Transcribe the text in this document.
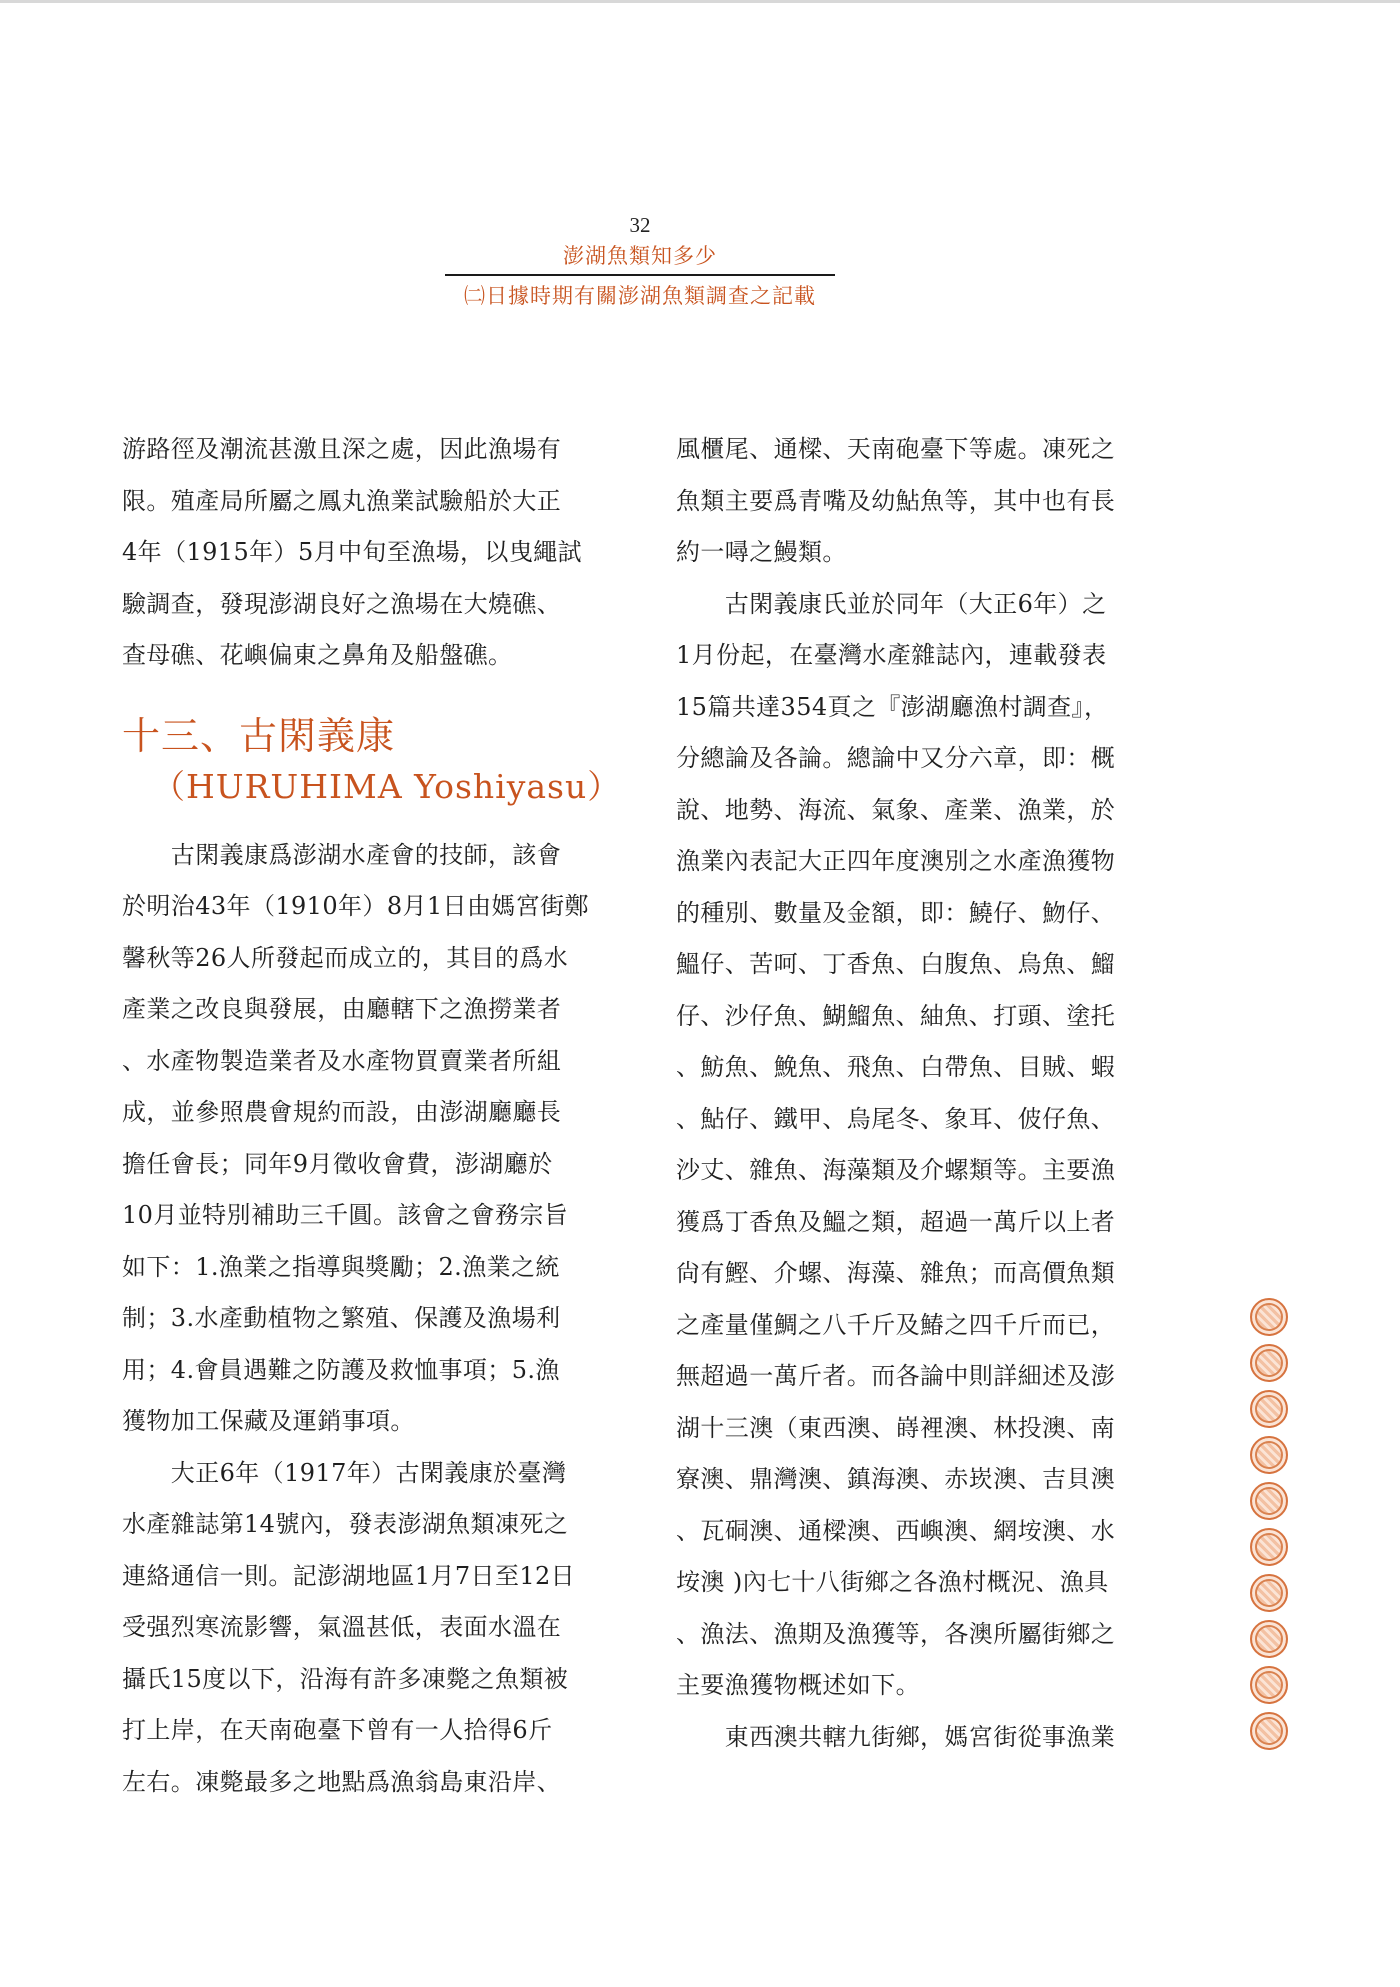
32
澎湖魚類知多少
㈡日據時期有關澎湖魚類調查之記載
游路徑及潮流甚激且深之處，因此漁場有
限。殖產局所屬之鳳丸漁業試驗船於大正
4年（1915年）5月中旬至漁場，以曳繩試
驗調查，發現澎湖良好之漁場在大燒礁、
查母礁、花嶼偏東之鼻角及船盤礁。
十三、古閑義康
（HURUHIMA Yoshiyasu）
　　古閑義康爲澎湖水產會的技師，該會
於明治43年（1910年）8月1日由媽宮街鄭
馨秋等26人所發起而成立的，其目的爲水
產業之改良與發展，由廳轄下之漁撈業者
、水產物製造業者及水產物買賣業者所組
成，並參照農會規約而設，由澎湖廳廳長
擔任會長；同年9月徵收會費，澎湖廳於
10月並特別補助三千圓。該會之會務宗旨
如下：1.漁業之指導與獎勵；2.漁業之統
制；3.水產動植物之繁殖、保護及漁場利
用；4.會員遇難之防護及救恤事項；5.漁
獲物加工保藏及運銷事項。
　　大正6年（1917年）古閑義康於臺灣
水產雜誌第14號內，發表澎湖魚類凍死之
連絡通信一則。記澎湖地區1月7日至12日
受强烈寒流影響，氣溫甚低，表面水溫在
攝氏15度以下，沿海有許多凍斃之魚類被
打上岸，在天南砲臺下曾有一人拾得6斤
左右。凍斃最多之地點爲漁翁島東沿岸、
風櫃尾、通樑、天南砲臺下等處。凍死之
魚類主要爲青嘴及幼鮎魚等，其中也有長
約一噚之鰻類。
　　古閑義康氏並於同年（大正6年）之
1月份起，在臺灣水產雜誌內，連載發表
15篇共達354頁之『澎湖廳漁村調查』，
分總論及各論。總論中又分六章，即：概
說、地勢、海流、氣象、產業、漁業，於
漁業內表記大正四年度澳別之水產漁獲物
的種別、數量及金額，即：鱙仔、魩仔、
鰮仔、苦呵、丁香魚、白腹魚、烏魚、鰡
仔、沙仔魚、鰗鰡魚、紬魚、打頭、塗托
、魴魚、鮸魚、飛魚、白帶魚、目賊、蝦
、鮎仔、鐵甲、烏尾冬、象耳、佊仔魚、
沙丈、雜魚、海藻類及介螺類等。主要漁
獲爲丁香魚及鰮之類，超過一萬斤以上者
尙有鰹、介螺、海藻、雜魚；而高價魚類
之產量僅鯛之八千斤及鰆之四千斤而已，
無超過一萬斤者。而各論中則詳細述及澎
湖十三澳（東西澳、嵵裡澳、林投澳、南
寮澳、鼎灣澳、鎮海澳、赤崁澳、吉貝澳
、瓦硐澳、通樑澳、西嶼澳、網垵澳、水
垵澳 )內七十八街鄉之各漁村概況、漁具
、漁法、漁期及漁獲等，各澳所屬街鄉之
主要漁獲物概述如下。
　　東西澳共轄九街鄉，媽宮街從事漁業
